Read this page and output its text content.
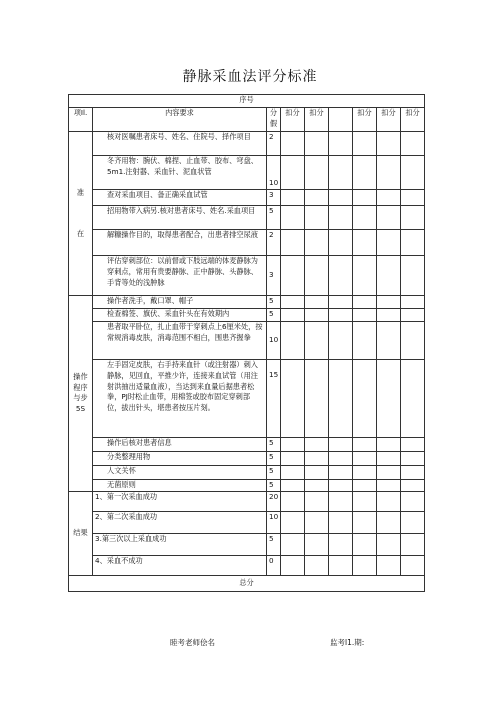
静脉采血法评分标准
序号								
项Il.	内容要求	分假	扣分	扣分		扣分	扣分	扣分

准
在	核对医嘱患者床号、姓名、住院号、择作项目	2						
	冬齐用物：腕伏、棉捏、止血带、胶布、穹盘、5m1.注射器、采血针、泥血状管	10						
	查对采血项目、备正确采血试管	3						
	招用物带入病另.核对患者床号、姓名.采血项目	5						
	解糠操作目的，取得患者配合，出患者排空尿液	2						
	评估穿刺部位：以前督或下肢远端的体麦静脉为穿刺点，常用有贵要静脉、正中静脉、头静脉、手背等处的浅肿脉	3						
操作程序与步5S	操作者洗手，戴口罩、帽子	5						
	检查棉签、旗伏、采血针头在有效期内	5						
	患者取平卧位，扎止血带于穿刺点上6厘米处，按常规消毒皮肤，消毒范围不相白，围患齐握拳	10						
	左手固定皮肤，右手持来血针（或注射器）刺入静脉，见回血，平推少许，连接来血试管（用注射洪抽出适量血液），当达到来血量后据患者松拳，PJ时松止血带，用棉签或胶布固定穿刺部位，拔出针头，堪患者按压片刻。	15						
	操作后核对患者信息	5						
	分类整理用物	5						
	人文关怀	5						
	无菌原则	5						
结果	1、第一次采血成功	20						
	2、第二次采血成功	10						
	3.第三次以上采血成功	5						
	4、采血不成功	0						
总分								
睦考老师侩名	监考l1.期:
